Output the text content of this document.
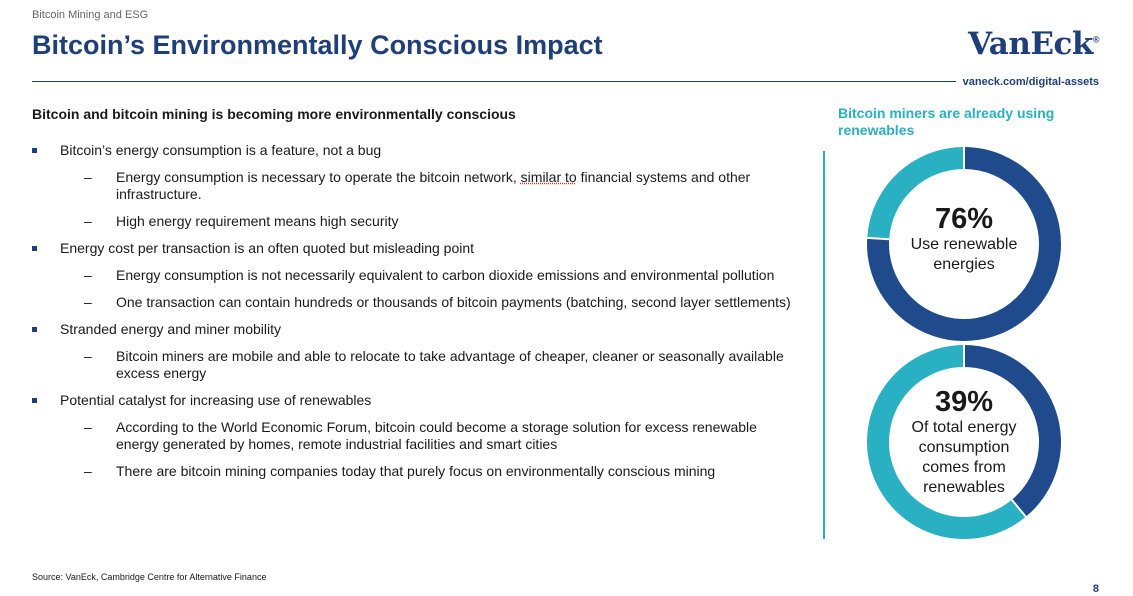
Bitcoin Mining and ESG
Bitcoin’s Environmentally Conscious Impact	VanEck®
vaneck.com/digital-assets
Bitcoin and bitcoin mining is becoming more environmentally conscious
Bitcoin’s energy consumption is a feature, not a bug
– Energy consumption is necessary to operate the bitcoin network, similar to financial systems and other infrastructure.
– High energy requirement means high security
Energy cost per transaction is an often quoted but misleading point
– Energy consumption is not necessarily equivalent to carbon dioxide emissions and environmental pollution
– One transaction can contain hundreds or thousands of bitcoin payments (batching, second layer settlements)
Stranded energy and miner mobility
– Bitcoin miners are mobile and able to relocate to take advantage of cheaper, cleaner or seasonally available excess energy
Potential catalyst for increasing use of renewables
– According to the World Economic Forum, bitcoin could become a storage solution for excess renewable energy generated by homes, remote industrial facilities and smart cities
– There are bitcoin mining companies today that purely focus on environmentally conscious mining
Bitcoin miners are already using renewables
76%
Use renewable
energies
39%
Of total energy
consumption
comes from
renewables
Source: VanEck, Cambridge Centre for Alternative Finance
8
